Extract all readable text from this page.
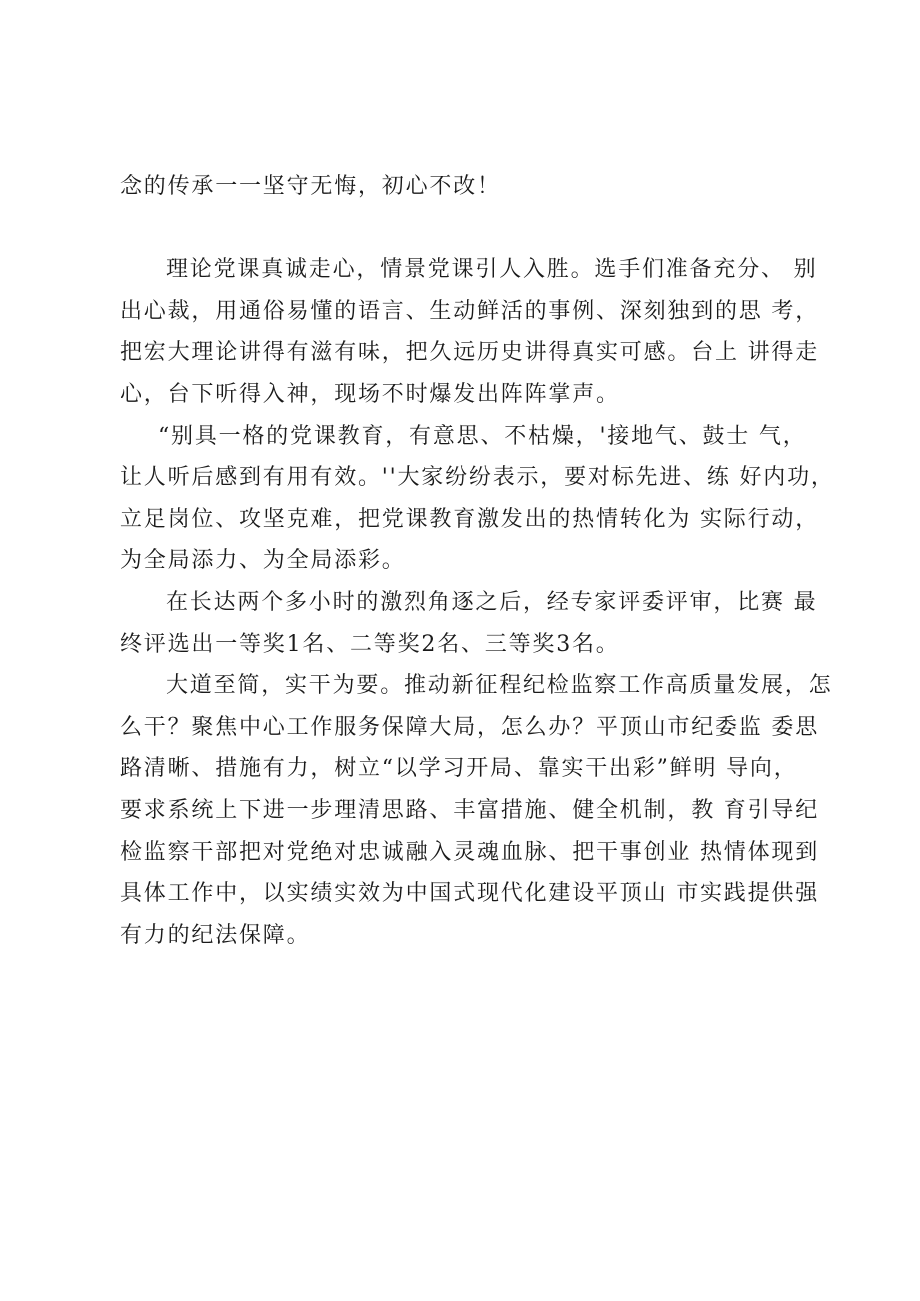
念的传承一一坚守无悔，初心不改！
理论党课真诚走心，情景党课引人入胜。选手们准备充分、 别
出心裁，用通俗易懂的语言、生动鲜活的事例、深刻独到的思 考，
把宏大理论讲得有滋有味，把久远历史讲得真实可感。台上 讲得走
心，台下听得入神，现场不时爆发出阵阵掌声。
“别具一格的党课教育，有意思、不枯燥，'接地气、鼓士 气，
让人听后感到有用有效。''大家纷纷表示，要对标先进、练 好内功，
立足岗位、攻坚克难，把党课教育激发出的热情转化为 实际行动，
为全局添力、为全局添彩。
在长达两个多小时的激烈角逐之后，经专家评委评审，比赛 最
终评选出一等奖1名、二等奖2名、三等奖3名。
大道至简，实干为要。推动新征程纪检监察工作高质量发展，怎
么干？聚焦中心工作服务保障大局，怎么办？平顶山市纪委监 委思
路清晰、措施有力，树立“以学习开局、靠实干出彩”鲜明 导向，
要求系统上下进一步理清思路、丰富措施、健全机制，教 育引导纪
检监察干部把对党绝对忠诚融入灵魂血脉、把干事创业 热情体现到
具体工作中，以实绩实效为中国式现代化建设平顶山 市实践提供强
有力的纪法保障。
